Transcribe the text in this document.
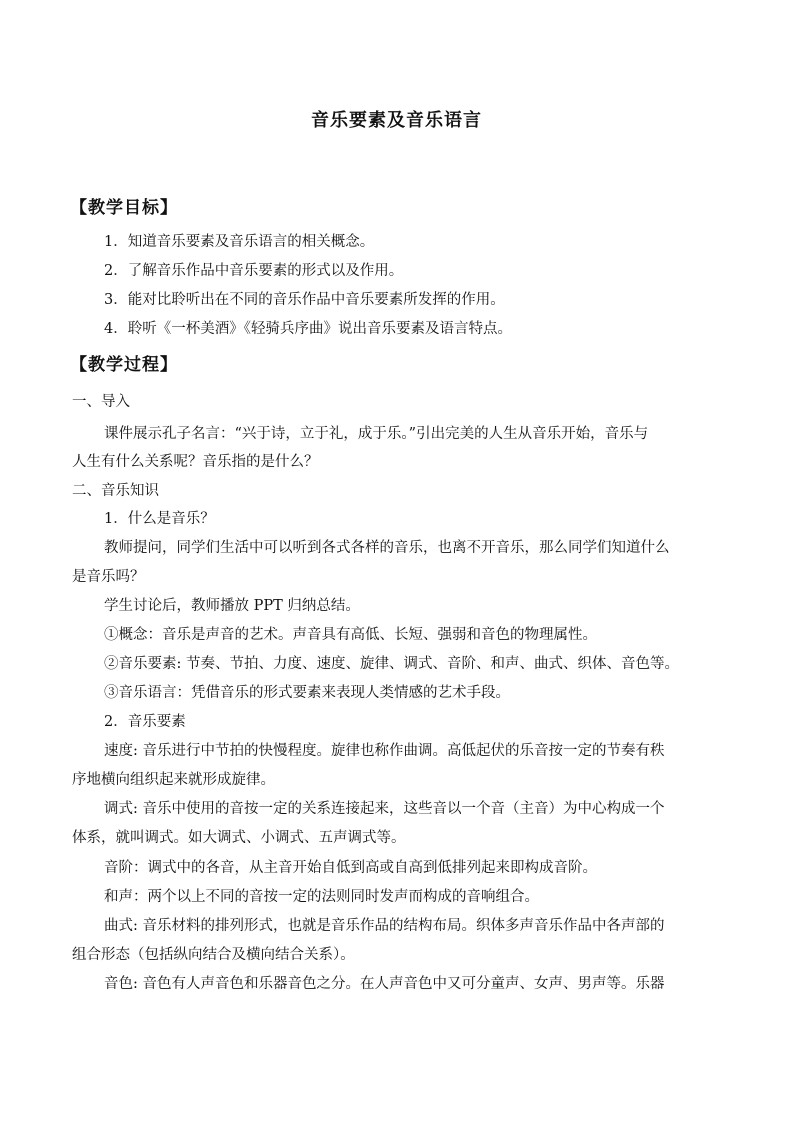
音乐要素及音乐语言
【教学目标】
1．知道音乐要素及音乐语言的相关概念。
2．了解音乐作品中音乐要素的形式以及作用。
3．能对比聆听出在不同的音乐作品中音乐要素所发挥的作用。
4．聆听《一杯美酒》《轻骑兵序曲》说出音乐要素及语言特点。
【教学过程】
一、导入
课件展示孔子名言：“兴于诗，立于礼，成于乐。”引出完美的人生从音乐开始，音乐与
人生有什么关系呢？音乐指的是什么？
二、音乐知识
1．什么是音乐？
教师提问，同学们生活中可以听到各式各样的音乐，也离不开音乐，那么同学们知道什么
是音乐吗？
学生讨论后，教师播放 PPT 归纳总结。
①概念：音乐是声音的艺术。声音具有高低、长短、强弱和音色的物理属性。
②音乐要素: 节奏、节拍、力度、速度、旋律、调式、音阶、和声、曲式、织体、音色等。
③音乐语言：凭借音乐的形式要素来表现人类情感的艺术手段。
2．音乐要素
速度: 音乐进行中节拍的快慢程度。旋律也称作曲调。高低起伏的乐音按一定的节奏有秩
序地横向组织起来就形成旋律。
调式: 音乐中使用的音按一定的关系连接起来，这些音以一个音（主音）为中心构成一个
体系，就叫调式。如大调式、小调式、五声调式等。
音阶：调式中的各音，从主音开始自低到高或自高到低排列起来即构成音阶。
和声：两个以上不同的音按一定的法则同时发声而构成的音响组合。
曲式: 音乐材料的排列形式，也就是音乐作品的结构布局。织体多声音乐作品中各声部的
组合形态（包括纵向结合及横向结合关系）。
音色: 音色有人声音色和乐器音色之分。在人声音色中又可分童声、女声、男声等。乐器
